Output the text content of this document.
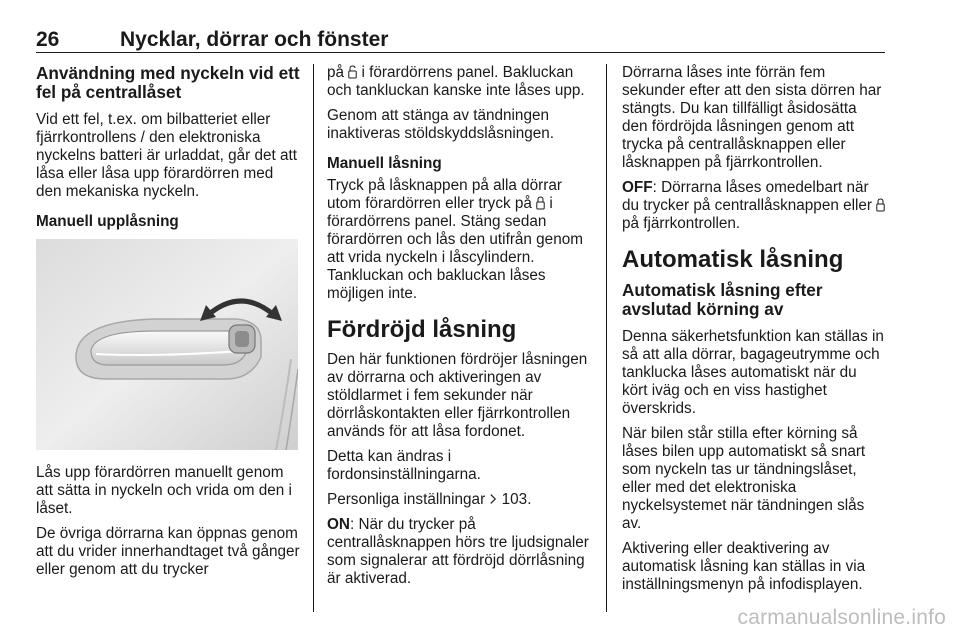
26	Nycklar, dörrar och fönster
Användning med nyckeln vid ett fel på centrallåset

Vid ett fel, t.ex. om bilbatteriet eller fjärrkontrollens / den elektroniska nyckelns batteri är urladdat, går det att låsa eller låsa upp förardörren med den mekaniska nyckeln.

Manuell upplåsning

Lås upp förardörren manuellt genom att sätta in nyckeln och vrida om den i låset.

De övriga dörrarna kan öppnas genom att du vrider innerhandtaget två gånger eller genom att du trycker

på i förardörrens panel. Bakluckan och tankluckan kanske inte låses upp.

Genom att stänga av tändningen inaktiveras stöldskyddslåsningen.

Manuell låsning

Tryck på låsknappen på alla dörrar utom förardörren eller tryck på i förardörrens panel. Stäng sedan förardörren och lås den utifrån genom att vrida nyckeln i låscylindern. Tankluckan och bakluckan låses möjligen inte.

Fördröjd låsning

Den här funktionen fördröjer låsningen av dörrarna och aktiveringen av stöldlarmet i fem sekunder när dörrlåskontakten eller fjärrkontrollen används för att låsa fordonet.

Detta kan ändras i fordonsinställningarna.

Personliga inställningar 103.

ON: När du trycker på centrallåsknappen hörs tre ljudsignaler som signalerar att fördröjd dörrlåsning är aktiverad.

Dörrarna låses inte förrän fem sekunder efter att den sista dörren har stängts. Du kan tillfälligt åsidosätta den fördröjda låsningen genom att trycka på centrallåsknappen eller låsknappen på fjärrkontrollen.

OFF: Dörrarna låses omedelbart när du trycker på centrallåsknappen eller  på fjärrkontrollen.

Automatisk låsning
Automatisk låsning efter avslutad körning av

Denna säkerhetsfunktion kan ställas in så att alla dörrar, bagageutrymme och tanklucka låses automatiskt när du kört iväg och en viss hastighet överskrids.

När bilen står stilla efter körning så låses bilen upp automatiskt så snart som nyckeln tas ur tändningslåset, eller med det elektroniska nyckelsystemet när tändningen slås av.

Aktivering eller deaktivering av automatisk låsning kan ställas in via inställningsmenyn på infodisplayen.

carmanualsonline.info
